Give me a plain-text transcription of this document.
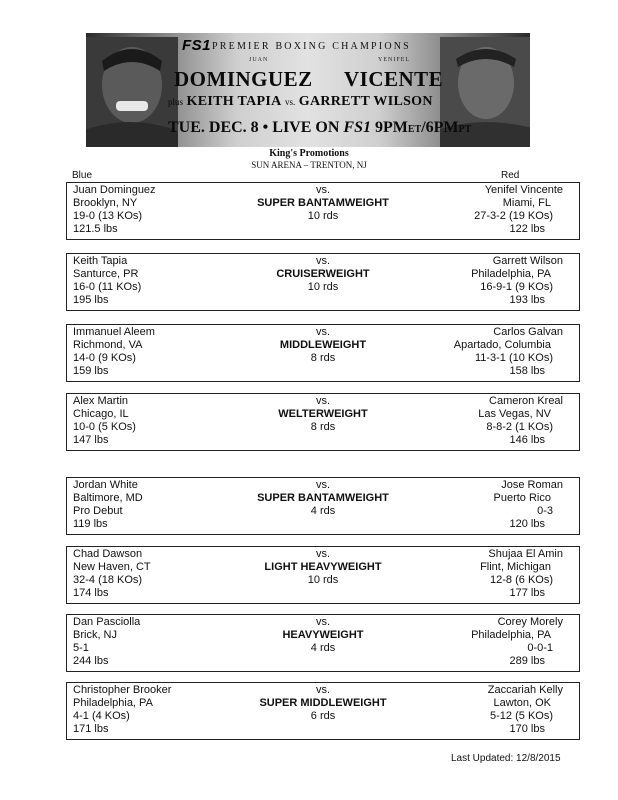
FS1 PREMIER BOXING CHAMPIONS
JUAN	YENIFEL
DOMINGUEZ VICENTE
plus KEITH TAPIA vs. GARRETT WILSON
TUE. DEC. 8 • LIVE ON FS1 9PMET/6PMPT
King's Promotions
SUN ARENA – TRENTON, NJ
Blue	Red
Juan Dominguez
Brooklyn, NY
19-0 (13 KOs)
121.5 lbs
vs.
SUPER BANTAMWEIGHT
10 rds
Yenifel Vincente
Miami, FL
27-3-2 (19 KOs)
122 lbs
Keith Tapia
Santurce, PR
16-0 (11 KOs)
195 lbs
vs.
CRUISERWEIGHT
10 rds
Garrett Wilson
Philadelphia, PA
16-9-1 (9 KOs)
193 lbs
Immanuel Aleem
Richmond, VA
14-0 (9 KOs)
159 lbs
vs.
MIDDLEWEIGHT
8 rds
Carlos Galvan
Apartado, Columbia
11-3-1 (10 KOs)
158 lbs
Alex Martin
Chicago, IL
10-0 (5 KOs)
147 lbs
vs.
WELTERWEIGHT
8 rds
Cameron Kreal
Las Vegas, NV
8-8-2 (1 KOs)
146 lbs
Jordan White
Baltimore, MD
Pro Debut
119 lbs
vs.
SUPER BANTAMWEIGHT
4 rds
Jose Roman
Puerto Rico
0-3
120 lbs
Chad Dawson
New Haven, CT
32-4 (18 KOs)
174 lbs
vs.
LIGHT HEAVYWEIGHT
10 rds
Shujaa El Amin
Flint, Michigan
12-8 (6 KOs)
177 lbs
Dan Pasciolla
Brick, NJ
5-1
244 lbs
vs.
HEAVYWEIGHT
4 rds
Corey Morely
Philadelphia, PA
0-0-1
289 lbs
Christopher Brooker
Philadelphia, PA
4-1 (4 KOs)
171 lbs
vs.
SUPER MIDDLEWEIGHT
6 rds
Zaccariah Kelly
Lawton, OK
5-12 (5 KOs)
170 lbs
Last Updated: 12/8/2015
